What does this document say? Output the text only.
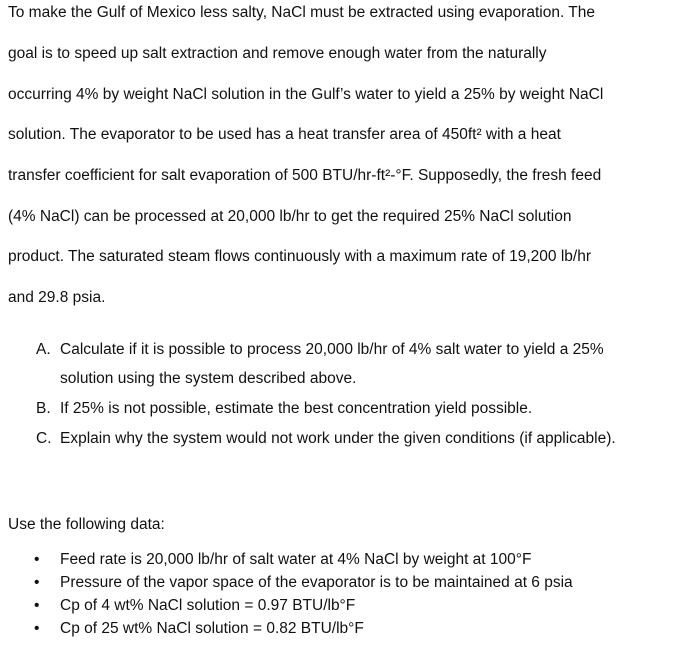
To make the Gulf of Mexico less salty, NaCl must be extracted using evaporation. The
goal is to speed up salt extraction and remove enough water from the naturally
occurring 4% by weight NaCl solution in the Gulf’s water to yield a 25% by weight NaCl
solution. The evaporator to be used has a heat transfer area of 450ft² with a heat
transfer coefficient for salt evaporation of 500 BTU/hr-ft²-°F. Supposedly, the fresh feed
(4% NaCl) can be processed at 20,000 lb/hr to get the required 25% NaCl solution
product. The saturated steam flows continuously with a maximum rate of 19,200 lb/hr
and 29.8 psia.
A. Calculate if it is possible to process 20,000 lb/hr of 4% salt water to yield a 25%
solution using the system described above.
B. If 25% is not possible, estimate the best concentration yield possible.
C. Explain why the system would not work under the given conditions (if applicable).
Use the following data:
• Feed rate is 20,000 lb/hr of salt water at 4% NaCl by weight at 100°F
• Pressure of the vapor space of the evaporator is to be maintained at 6 psia
• Cp of 4 wt% NaCl solution = 0.97 BTU/lb°F
• Cp of 25 wt% NaCl solution = 0.82 BTU/lb°F
